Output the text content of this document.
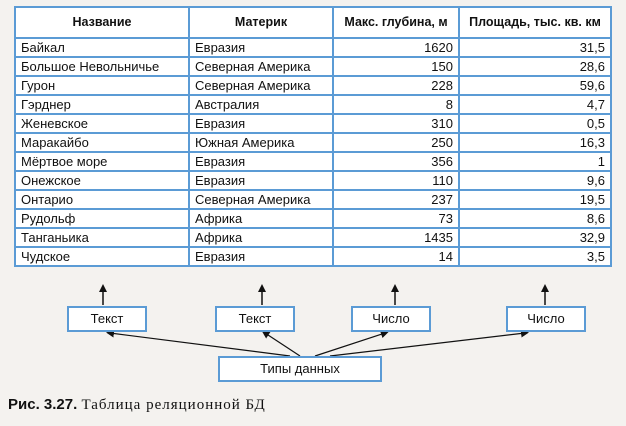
Название	Материк	Макс. глубина, м	Площадь, тыс. кв. км
Байкал	Евразия	1620	31,5
Большое Невольничье	Северная Америка	150	28,6
Гурон	Северная Америка	228	59,6
Гэрднер	Австралия	8	4,7
Женевское	Евразия	310	0,5
Маракайбо	Южная Америка	250	16,3
Мёртвое море	Евразия	356	1
Онежское	Евразия	110	9,6
Онтарио	Северная Америка	237	19,5
Рудольф	Африка	73	8,6
Танганьика	Африка	1435	32,9
Чудское	Евразия	14	3,5
Текст	Текст	Число	Число
Типы данных
Рис. 3.27. Таблица реляционной БД
